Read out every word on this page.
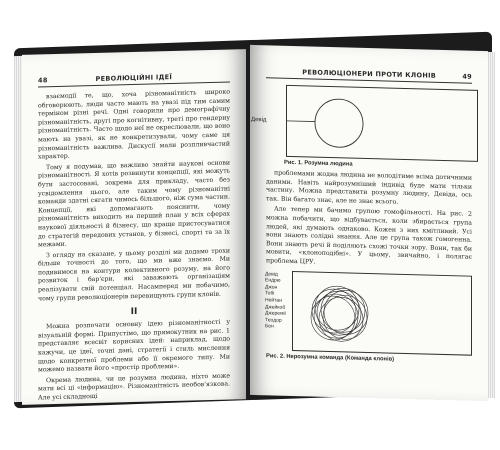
48	РЕВОЛЮЦІЙНІ ІДЕЇ

взаємодії те, що, хоча різноманітність широко обговорюють, люди часто мають на увазі під тим самим терміном різні речі. Одні говорили про демографічну різноманітність, другі про когнітивну, треті про гендерну різноманітність. Часто щодо неї не окреслювали, що воно мають на увазі, як не конкретизували, чому саме ця різноманітність важлива. Дискусії мали розпливчастий характер.

Тому я подумав, що важливо знайти наукові основи різноманітності. Я хотів розвинути концепції, які можуть бути застосовані, зокрема для прикладу, часто без усвідомлення цього, але таким чому різноманітні команди здатні сягати чимось більшого, ніж сума частин. Концепції, які допомагають пояснити, чому різноманітність виходить на перший план у всіх сферах наукової діяльності й бізнесу, що краще пристосуватися до стратегій передових установ, у бізнесі, спорті та за їх межами.

З огляду на сказане, у цьому розділі ми додамо трохи більше точності до того, що ми вже знаємо. Ми подивимося на контури колективного розуму, на його розвиток і бар'єри, які заважають організаціям реалізувати свій потенціал. Насамперед ми побачимо, чому групи революціонерів перевищують групи клонів.

II

Можна розпочати основну ідею різноманітності у візуальній формі. Припустімо, що прямокутник на рис. 1 представляє всесвіт корисних ідей: наприклад, щодо кажучи, це ідеї, точні дані, стратегії і стиль мислення щодо конкретної проблеми або її окремого типу. Ми можемо назвати його «простір проблеми».

Окрема людина, чи це розумна людина, ніхто може мати всі ці «інформацію». Різноманітність необов'язкова. Але усі складнощі

РЕВОЛЮЦІОНЕРИ ПРОТИ КЛОНІВ	49
Девід
Рис. 1. Розумна людина

проблемами жодна людина не володітиме всіма дотичними даними. Навіть найрозумніший індивід буде мати тільки частину. Можна представити розумну людину, Девіда, ось так. Він багато знає, але не знає всього.

Але тепер ми бачимо групою гомофільності. На рис. 2 можна побачити, що відбувається, коли збирається група людей, які думають однаково. Кожен з них кмітливий. Усі вони знають солідні знання. Але це група також гомогенна. Вони знають речі й поділяють схожі точки зору. Вони, так би мовити, «клоноподібні». У цьому, звичайно, і полягає проблема ЦРУ.

Девід
Ендрю
Джон
Тобі
Нейтан
Джейкоб
Джереміі
Теодор
Бен
Рис. 2. Нерозумна команда (Команда клонів)
